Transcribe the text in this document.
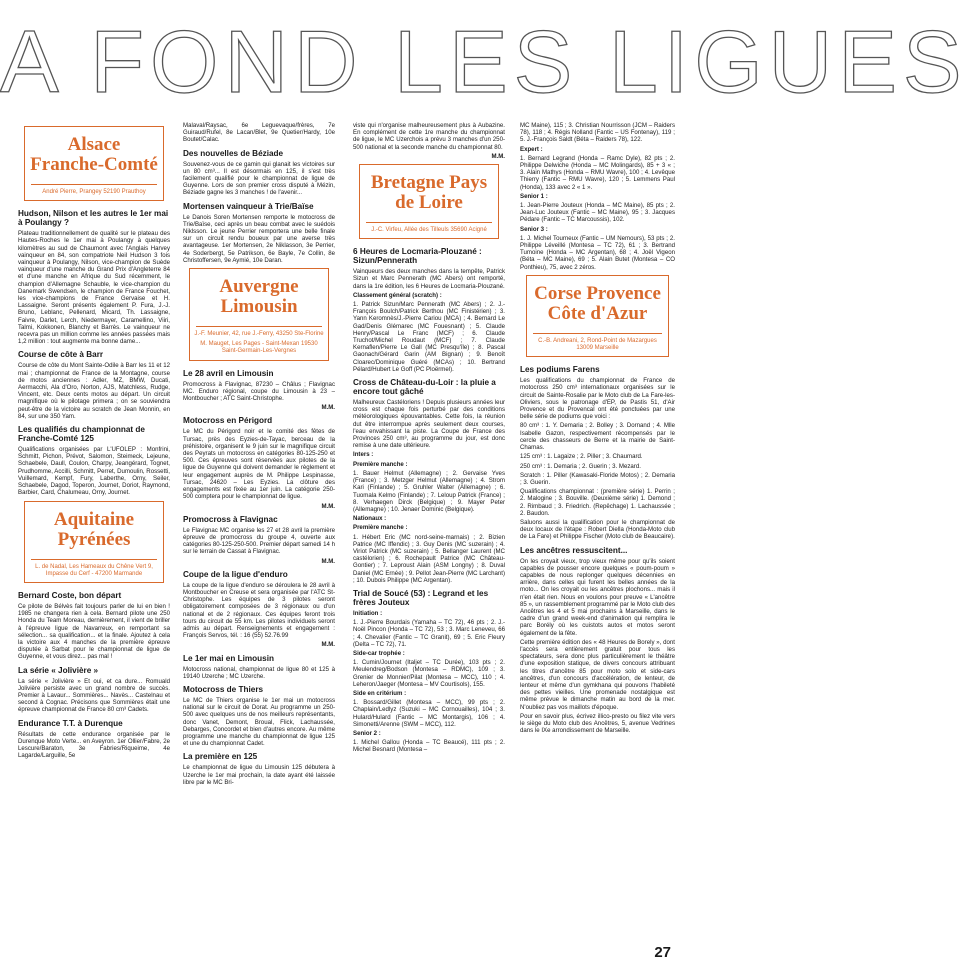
A FOND LES LIGUES
Alsace Franche-Comté
André Pierre, Prangey 52190 Prauthoy
Hudson, Nilson et les autres le 1er mai à Poulangy ?

Plateau traditionnellement de qualité sur le plateau des Hautes-Roches le 1er mai à Poulangy à quelques kilomètres au sud de Chaumont avec l'Anglais Harvey vainqueur en 84, son compatriote Neil Hudson 3 fois vainqueur à Poulangy, Nilson, vice-champion de Suède vainqueur d'une manche du Grand Prix d'Angleterre 84 et d'une manche en Afrique du Sud récemment, le champion d'Allemagne Schauble, le vice-champion du Danemark Swendsen, le champion de France Fouchet, les vice-champions de France Gervaise et H. Lassaigne. Seront présents également P. Fura, J.-J. Bruno, Leblanc, Pellenard, Micard, Th. Lassaigne, Faivre, Darlet, Lerch, Niedermayer, Caramellino, Viiri, Talmi, Kokkonen, Blanchy et Barrès. Le vainqueur ne recevra pas un million comme les années passées mais 1,2 million : tout augmente ma bonne dame...

Course de côte à Barr

Course de côte du Mont Sainte-Odile à Barr les 11 et 12 mai ; championnat de France de la Montagne, course de motos anciennes : Adler, MZ, BMW, Ducati, Aermacchi, Ala d'Oro, Norton, AJS, Matchless, Rudge, Vincent, etc. Deux cents motos au départ. Un circuit magnifique où le pilotage primera ; on se souviendra peut-être de la victoire au scratch de Jean Monnin, en 84, sur une 350 Yam.

Les qualifiés du championnat de Franche-Comté 125

Qualifications organisées par L'UFOLEP : Monfrini, Schmitt, Pichon, Prévot, Salomon, Steimeck, Lejeune, Schaebele, Daull, Coulon, Charpy, Jeangérard, Tognet, Prudhomme, Accilli, Schmitt, Perret, Dumoulin, Rossetti, Vuillemard, Kempf, Fury, Laberthe, Orny, Seiler, Schaebele, Dagod, Toperon, Journet, Doriot, Raymond, Barbier, Card, Chalumeau, Orny, Journet.

Aquitaine Pyrénées
L. de Nadal, Les Hameaux du Chêne Vert 9, Impasse du Cerf - 47200 Marmande
Bernard Coste, bon départ

Ce pilote de Bélvès fait toujours parler de lui en bien ! 1985 ne changera rien à cela. Bernard pilote une 250 Honda du Team Moreau, dernièrement, il vient de briller à l'épreuve ligue de Navarreux, en remportant sa sélection... sa qualification... et la finale. Ajoutez à cela la victoire aux 4 manches de la première épreuve disputée à Sarbat pour le championnat de ligue de Guyenne, et vous direz... pas mal !

La série « Jolivière »

La série « Jolivière » Et oui, et ca dure... Romuald Jolivière persiste avec un grand nombre de succès. Premier à Lavaur... Sommières... Navès... Castelnau et second à Cognac. Précisons que Sommières était une épreuve championnat de France 80 cm³ Cadets.

Endurance T.T. à Durenque

Résultats de cette endurance organisée par le Durenque Moto Verte... en Aveyron. 1er Ollier/Fabre, 2e Lescure/Baraton, 3e Fabries/Riqueime, 4e Lagarde/Larguille, 5e

Malaval/Raysac, 6e Leguevaque/frères, 7e Guiraud/Rufel, 8e Lacan/Blet, 9e Quetier/Hardy, 10e Boutet/Calac.

Des nouvelles de Béziade

Souvenez-vous de ce gamin qui glanait les victoires sur un 80 cm³... Il est désormais en 125, il s'est très facilement qualifié pour le championnat de ligue de Guyenne. Lors de son premier cross disputé à Mézin, Béziade gagne les 3 manches ! de l'avenir...

Mortensen vainqueur à Trie/Baïse

Le Danois Soren Mortensen remporte le motocross de Trie/Baïse, ceci après un beau combat avec le suédois Niklsson. Le jeune Perrier remportera une belle finale sur un circuit rendu boueux par une averse très avantageuse. 1er Mortensen, 2e Niklasson, 3e Perrier, 4e Soderbergt, 5e Patrikson, 6e Bayle, 7e Collin, 8e Christoffersen, 9e Aymié, 10e Daran.

Auvergne Limousin
J.-F. Meunier, 42, rue J.-Ferry, 43250 Ste-Florine
M. Mauget, Les Pages - Saint-Mexan 19530 Saint-Germain-Les-Vergnes
Le 28 avril en Limousin

Promocross à Flavignac, 87230 – Châlus ; Flavignac MC. Enduro régional, coupe du Limousin à 23 – Montboucher ; ATC Saint-Christophe.

M.M.
Motocross en Périgord

Le MC du Périgord noir et le comité des fêtes de Tursac, près des Eyzies-de-Tayac, berceau de la préhistoire, organisent le 9 juin sur le magnifique circuit des Peyrats un motocross en catégories 80-125-250 et 500. Ces épreuves sont réservées aux pilotes de la ligue de Guyenne qui doivent demander le règlement et leur engagement auprès de M. Philippe Lespinasse, Tursac, 24620 – Les Eyzies. La clôture des engagements est fixée au 1er juin. La catégorie 250-500 comptera pour le championnat de ligue.

M.M.
Promocross à Flavignac

Le Flavignac MC organise les 27 et 28 avril la première épreuve de promocross du groupe 4, ouverte aux catégories 80-125-250-500. Premier départ samedi 14 h sur le terrain de Cassat à Flavignac.

M.M.
Coupe de la ligue d'enduro

La coupe de la ligue d'enduro se déroulera le 28 avril à Montboucher en Creuse et sera organisée par l'ATC St-Christophe. Les équipes de 3 pilotes seront obligatoirement composées de 3 régionaux ou d'un national et de 2 régionaux. Ces équipes feront trois tours du circuit de 55 km. Les pilotes individuels seront admis au départ. Renseignements et engagement : François Servos, tél. : 16 (55) 52.76.99

M.M.
Le 1er mai en Limousin

Motocross national, championnat de ligue 80 et 125 à 19140 Uzerche ; MC Uzerche.

Motocross de Thiers

Le MC de Thiers organise le 1er mai un motocross national sur le circuit de Dorat. Au programme un 250-500 avec quelques uns de nos meilleurs représentants, donc Vanet, Demont, Broual, Flick, Lachaussée, Debarges, Concordet et bien d'autres encore. Au même programme une manche du championnat de ligue 125 et une du championnat Cadet.

La première en 125

Le championnat de ligue du Limousin 125 débutera à Uzerche le 1er mai prochain, la date ayant été laissée libre par le MC Bri-

viste qui n'organise malheureusement plus à Aubazine. En complément de cette 1re manche du championnat de ligue, le MC Uzerchois a prévu 3 manches d'un 250-500 national et la seconde manche du championnat 80.

M.M.
Bretagne Pays de Loire
J.-C. Virfeu, Allée des Tilleuls 35690 Acigné
6 Heures de Locmaria-Plouzané : Sizun/Pennerath

Vainqueurs des deux manches dans la tempête, Patrick Sizun et Marc Pennerath (MC Abers) ont remporté, dans la 1re édition, les 6 Heures de Locmaria-Plouzané.

Classement général (scratch) :

1. Patrick Sizun/Marc Pennerath (MC Abers) ; 2. J.-François Boulch/Patrick Berthou (MC Finistérien) ; 3. Yann Keromnès/J.-Pierre Cariou (MCA) ; 4. Bernard Le Gad/Denis Glémarec (MC Fouesnant) ; 5. Claude Henry/Pascal Le Franc (MCF) ; 6. Claude Truchot/Michel Roudaut (MCF) ; 7. Claude Kernaflen/Pierre Le Gall (MC Presqu'île) ; 8. Pascal Gaonach/Gérard Garin (AM Bignan) ; 9. Benoît Cloarec/Dominique Guéré (MCAs) ; 10. Bertrand Pélard/Hubert Le Goff (PC Ploërmel).

Cross de Château-du-Loir : la pluie a encore tout gâché

Malheureux Castéloriens ! Depuis plusieurs années leur cross est chaque fois perturbé par des conditions météorologiques épouvantables. Cette fois, la réunion dut être interrompue après seulement deux courses, l'eau envahissant la piste. La Coupe de France des Provinces 250 cm³, au programme du jour, est donc remise à une date ultérieure.

Inters :

Première manche :

1. Bauer Helmut (Allemagne) ; 2. Gervaise Yves (France) ; 3. Metzger Helmut (Allemagne) ; 4. Strom Kari (Finlande) ; 5. Gruhler Walter (Allemagne) ; 6. Tuomala Kelmo (Finlande) ; 7. Leloup Patrick (France) ; 8. Verhaegen Dirck (Belgique) ; 9. Mayer Peter (Allemagne) ; 10. Jenaer Dominic (Belgique).

Nationaux :

Première manche :

1. Hébert Eric (MC nord-seine-marnais) ; 2. Bizien Patrice (MC Iffendic) ; 3. Guy Denis (MC suzerain) ; 4. Viriot Patrick (MC suzerain) ; 5. Bellanger Laurent (MC castélorien) ; 6. Rochepault Patrice (MC Château-Gontier) ; 7. Leproust Alain (ASM Longny) ; 8. Duval Daniel (MC Ernée) ; 9. Pellot Jean-Pierre (MC Larchant) ; 10. Dubois Philippe (MC Argentan).

Trial de Soucé (53) : Legrand et les frères Jouteux

Initiation :

1. J.-Pierre Bourdais (Yamaha – TC 72), 46 pts ; 2. J.-Noël Pincon (Honda – TC 72), 53 ; 3. Marc Leneveu, 66 ; 4. Chevalier (Fantic – TC Granit), 69 ; 5. Eric Fleury (Delta – TC 72), 71.

Side-car trophée :

1. Cumin/Journet (Italjet – TC Durée), 103 pts ; 2. Meulendreg/Bodson (Montesa – RDMC), 109 ; 3. Grenier de Monnier/Pilat (Montesa – MCC), 110 ; 4. Leheron/Jaeger (Montesa – MV Courtisols), 155.

Side en critérium :

1. Bossard/Gillet (Montesa – MCC), 99 pts ; 2. Chaplain/Ledlyz (Suzuki – MC Cornouailles), 104 ; 3. Hulard/Hulard (Fantic – MC Montargis), 106 ; 4. Simonetti/Arenne (SWM – MCC), 112.

Senior 2 :

1. Michel Gallou (Honda – TC Beaucé), 111 pts ; 2. Michel Besnard (Montesa –

MC Maine), 115 ; 3. Christian Nourrisson (JCM – Raiders 78), 118 ; 4. Régis Nolland (Fantic – US Fontenay), 119 ; 5. J.-François Saldt (Béta – Raiders 78), 122.

Expert :

1. Bernard Legrand (Honda – Ramc Dyle), 82 pts ; 2. Philippe Delwiche (Honda – MC Molingards), 85 + 3 « ; 3. Alain Mathys (Honda – RMU Wavre), 100 ; 4. Levêque Thierry (Fantic – RMU Wavre), 120 ; 5. Lemmens Paul (Honda), 133 avec 2 « 1 ».

Senior 1 :

1. Jean-Pierre Jouteux (Honda – MC Maine), 85 pts ; 2. Jean-Luc Jouteux (Fantic – MC Maine), 95 ; 3. Jacques Pédare (Fantic – TC Marcoussis), 102.

Senior 3 :

1. J. Michel Tourneux (Fantic – UM Nemours), 53 pts ; 2. Philippe Léveillé (Montesa – TC 72), 61 ; 3. Bertrand Tumoine (Honda – MC Argentan), 68 ; 4. Joël Vigeon (Béta – MC Maine), 69 ; 5. Alain Butet (Montesa – CO Ponthieu), 75, avec 2 zéros.

Corse Provence Côte d'Azur
C.-B. Andreani, 2, Rond-Point de Mazargues 13009 Marseille
Les podiums Farens

Les qualifications du championnat de France de motocross 250 cm³ internationaux organisées sur le circuit de Sainte-Rosalie par le Moto club de La Fare-les-Oliviers, sous le patronage d'EP, de Pastis 51, d'Air Provence et du Provencal ont été ponctuées par une belle série de podiums que voici :

80 cm³ : 1. Y. Demaria ; 2. Bolley ; 3. Dornand ; 4. Mlle Isabelle Gazon, respectivement récompensés par le cercle des chasseurs de Berre et la mairie de Saint-Chamas.

125 cm³ : 1. Lagaize ; 2. Piller ; 3. Chaumard.

250 cm³ : 1. Demaria ; 2. Guerin ; 3. Mezard.

Scratch : 1. Piller (Kawasaki-Floride Motos) ; 2. Demaria ; 3. Guerin.

Qualifications championnat : (première série) 1. Perrin ; 2. Malogine ; 3. Bouville. (Deuxième série) 1. Demond ; 2. Rimbaud ; 3. Friedrich. (Repêchage) 1. Lachaussée ; 2. Baudon.

Saluons aussi la qualification pour le championnat de deux locaux de l'étape : Robert Diella (Honda-Moto club de La Fare) et Philippe Fischer (Moto club de Beaucaire).

Les ancêtres ressuscitent...

On les croyait vieux, trop vieux même pour qu'ils soient capables de pousser encore quelques « poum-poum » capables de nous replonger quelques décennies en arrière, dans celles qui furent les belles années de la moto... On les croyait ou les ancêtres plochons... mais il n'en était rien. Nous en voulons pour preuve « L'ancêtre 85 », un rassemblement programmé par le Moto club des Ancêtres les 4 et 5 mai prochains à Marseille, dans le cadre d'un grand week-end d'animation qui remplira le parc Borély où les cuistots autos et motos seront également de la fête.

Cette première édition des « 48 Heures de Borely », dont l'accès sera entièrement gratuit pour tous les spectateurs, sera donc plus particulièrement le théâtre d'une exposition statique, de divers concours attribuant les titres d'ancêtre 85 pour moto solo et side-cars ancêtres, d'un concours d'accélération, de lenteur, de lenteur et même d'un gymkhana qui pouvons l'habileté des pettes vieilles. Une promenade nostalgique est même prévue le dimanche matin au bord de la mer. N'oubliez pas vos maillots d'époque.

Pour en savoir plus, écrivez illico-presto ou filez vite vers le siège du Moto club des Ancêtres, 5, avenue Vedrines dans le IXe arrondissement de Marseille.

27
